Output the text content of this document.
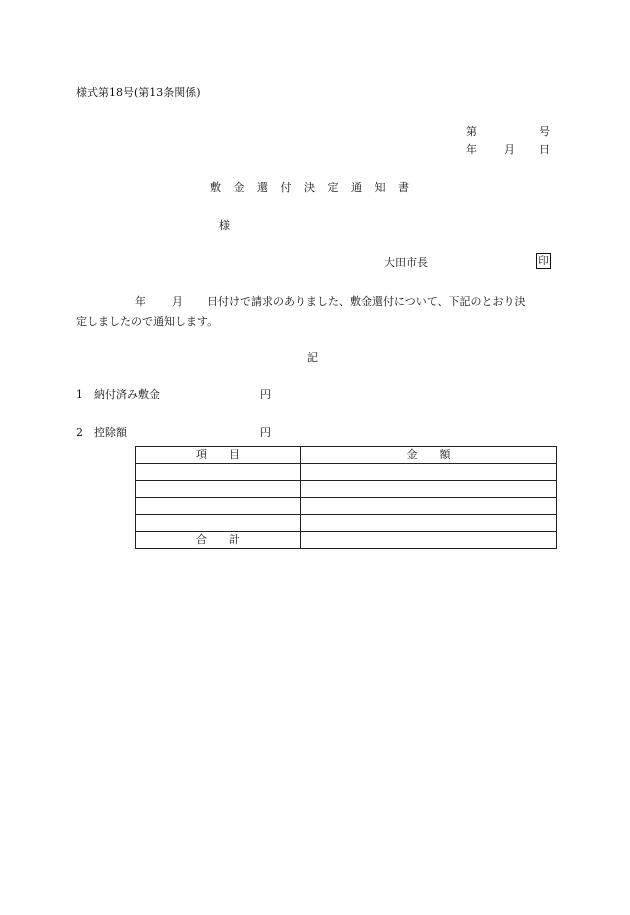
様式第18号(第13条関係)
第	号
年 月 日
敷金還付決定通知書
様
大田市長	印
年 月 日付けで請求のありました、敷金還付について、下記のとおり決
定しましたので通知します。
記
1　納付済み敷金	円
2　控除額	円
項　　目	金　　額

合　　計	
